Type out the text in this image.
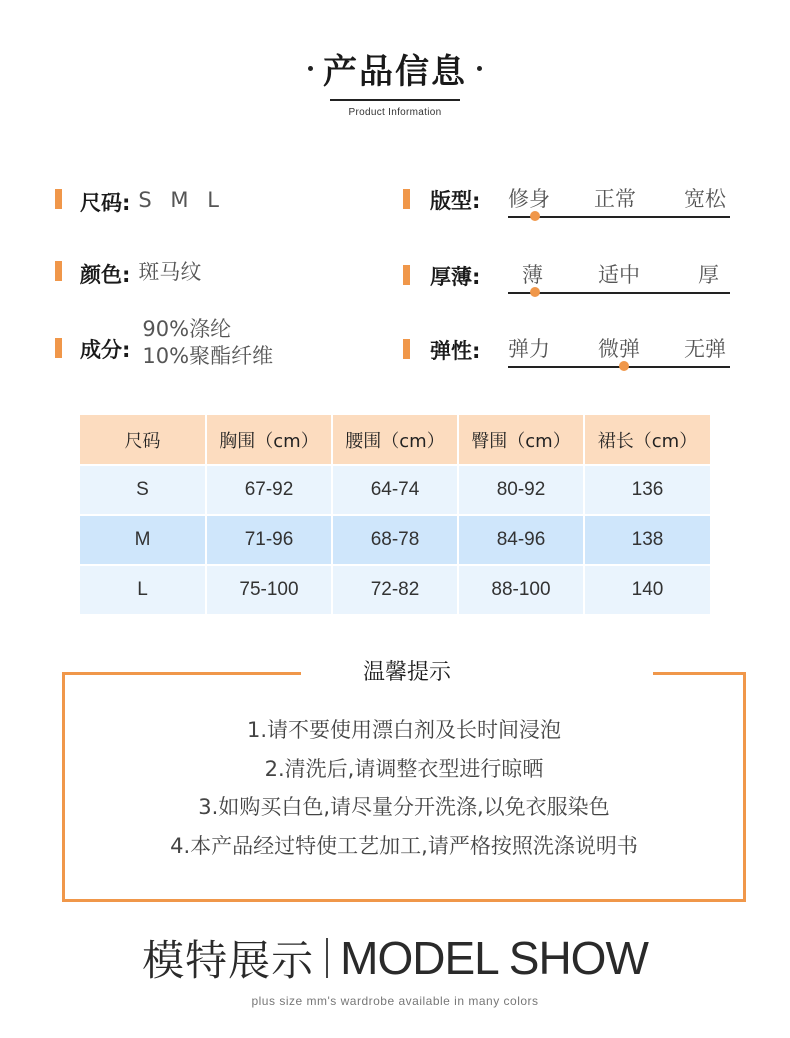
产品信息
Product Information
尺码: S M L
颜色: 斑马纹
成分:
90%涤纶
10%聚酯纤维
版型: 修身 正常 宽松
厚薄: 薄	适中	厚
弹性: 弹力 微弹 无弹
尺码	胸围（cm）	腰围（cm）	臀围（cm）	裙长（cm）
S	67-92	64-74	80-92	136
M	71-96	68-78	84-96	138
L	75-100	72-82	88-100	140
温馨提示
1.请不要使用漂白剂及长时间浸泡
2.清洗后,请调整衣型进行晾晒
3.如购买白色,请尽量分开洗涤,以免衣服染色
4.本产品经过特使工艺加工,请严格按照洗涤说明书
模特展示 MODEL SHOW
plus size mm's wardrobe available in many colors
